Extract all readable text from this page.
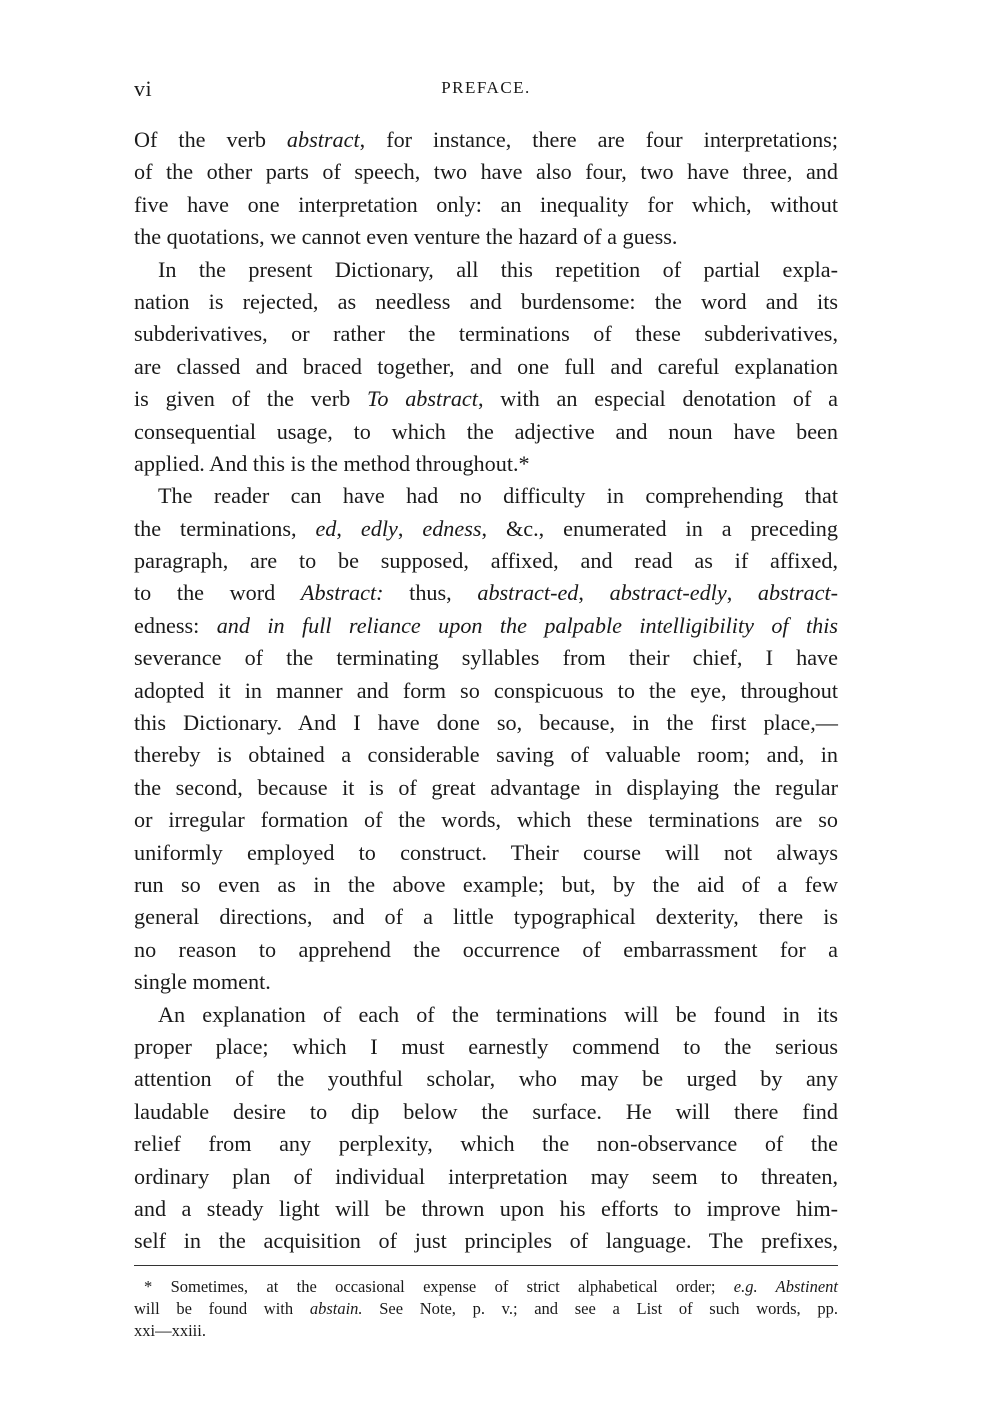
vi	PREFACE.
Of the verb abstract, for instance, there are four interpretations;
of the other parts of speech, two have also four, two have three, and
five have one interpretation only: an inequality for which, without
the quotations, we cannot even venture the hazard of a guess.
In the present Dictionary, all this repetition of partial expla-
nation is rejected, as needless and burdensome: the word and its
subderivatives, or rather the terminations of these subderivatives,
are classed and braced together, and one full and careful explanation
is given of the verb To abstract, with an especial denotation of a
consequential usage, to which the adjective and noun have been
applied. And this is the method throughout.*
The reader can have had no difficulty in comprehending that
the terminations, ed, edly, edness, &c., enumerated in a preceding
paragraph, are to be supposed, affixed, and read as if affixed,
to the word Abstract: thus, abstract-ed, abstract-edly, abstract-
edness: and in full reliance upon the palpable intelligibility of this
severance of the terminating syllables from their chief, I have
adopted it in manner and form so conspicuous to the eye, throughout
this Dictionary. And I have done so, because, in the first place,—
thereby is obtained a considerable saving of valuable room; and, in
the second, because it is of great advantage in displaying the regular
or irregular formation of the words, which these terminations are so
uniformly employed to construct. Their course will not always
run so even as in the above example; but, by the aid of a few
general directions, and of a little typographical dexterity, there is
no reason to apprehend the occurrence of embarrassment for a
single moment.
An explanation of each of the terminations will be found in its
proper place; which I must earnestly commend to the serious
attention of the youthful scholar, who may be urged by any
laudable desire to dip below the surface. He will there find
relief from any perplexity, which the non-observance of the
ordinary plan of individual interpretation may seem to threaten,
and a steady light will be thrown upon his efforts to improve him-
self in the acquisition of just principles of language. The prefixes,
* Sometimes, at the occasional expense of strict alphabetical order; e.g. Abstinent
will be found with abstain. See Note, p. v.; and see a List of such words, pp.
xxi—xxiii.
